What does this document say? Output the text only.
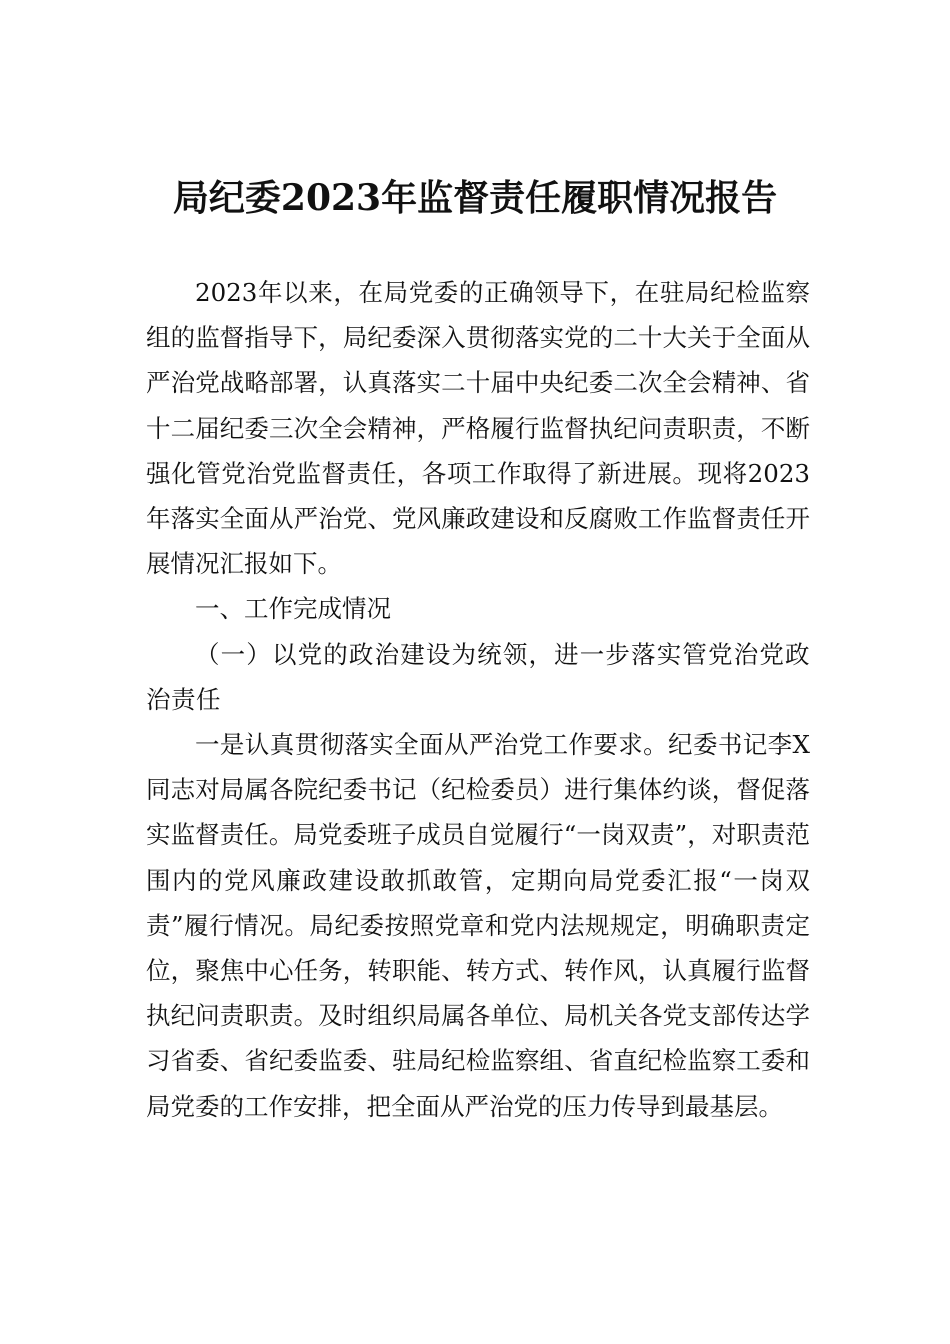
局纪委2023年监督责任履职情况报告

2023年以来，在局党委的正确领导下，在驻局纪检监察组的监督指导下，局纪委深入贯彻落实党的二十大关于全面从严治党战略部署，认真落实二十届中央纪委二次全会精神、省十二届纪委三次全会精神，严格履行监督执纪问责职责，不断强化管党治党监督责任，各项工作取得了新进展。现将2023年落实全面从严治党、党风廉政建设和反腐败工作监督责任开展情况汇报如下。

一、工作完成情况

（一）以党的政治建设为统领，进一步落实管党治党政治责任

一是认真贯彻落实全面从严治党工作要求。纪委书记李X同志对局属各院纪委书记（纪检委员）进行集体约谈，督促落实监督责任。局党委班子成员自觉履行“一岗双责”，对职责范围内的党风廉政建设敢抓敢管，定期向局党委汇报“一岗双责”履行情况。局纪委按照党章和党内法规规定，明确职责定位，聚焦中心任务，转职能、转方式、转作风，认真履行监督执纪问责职责。及时组织局属各单位、局机关各党支部传达学习省委、省纪委监委、驻局纪检监察组、省直纪检监察工委和局党委的工作安排，把全面从严治党的压力传导到最基层。
